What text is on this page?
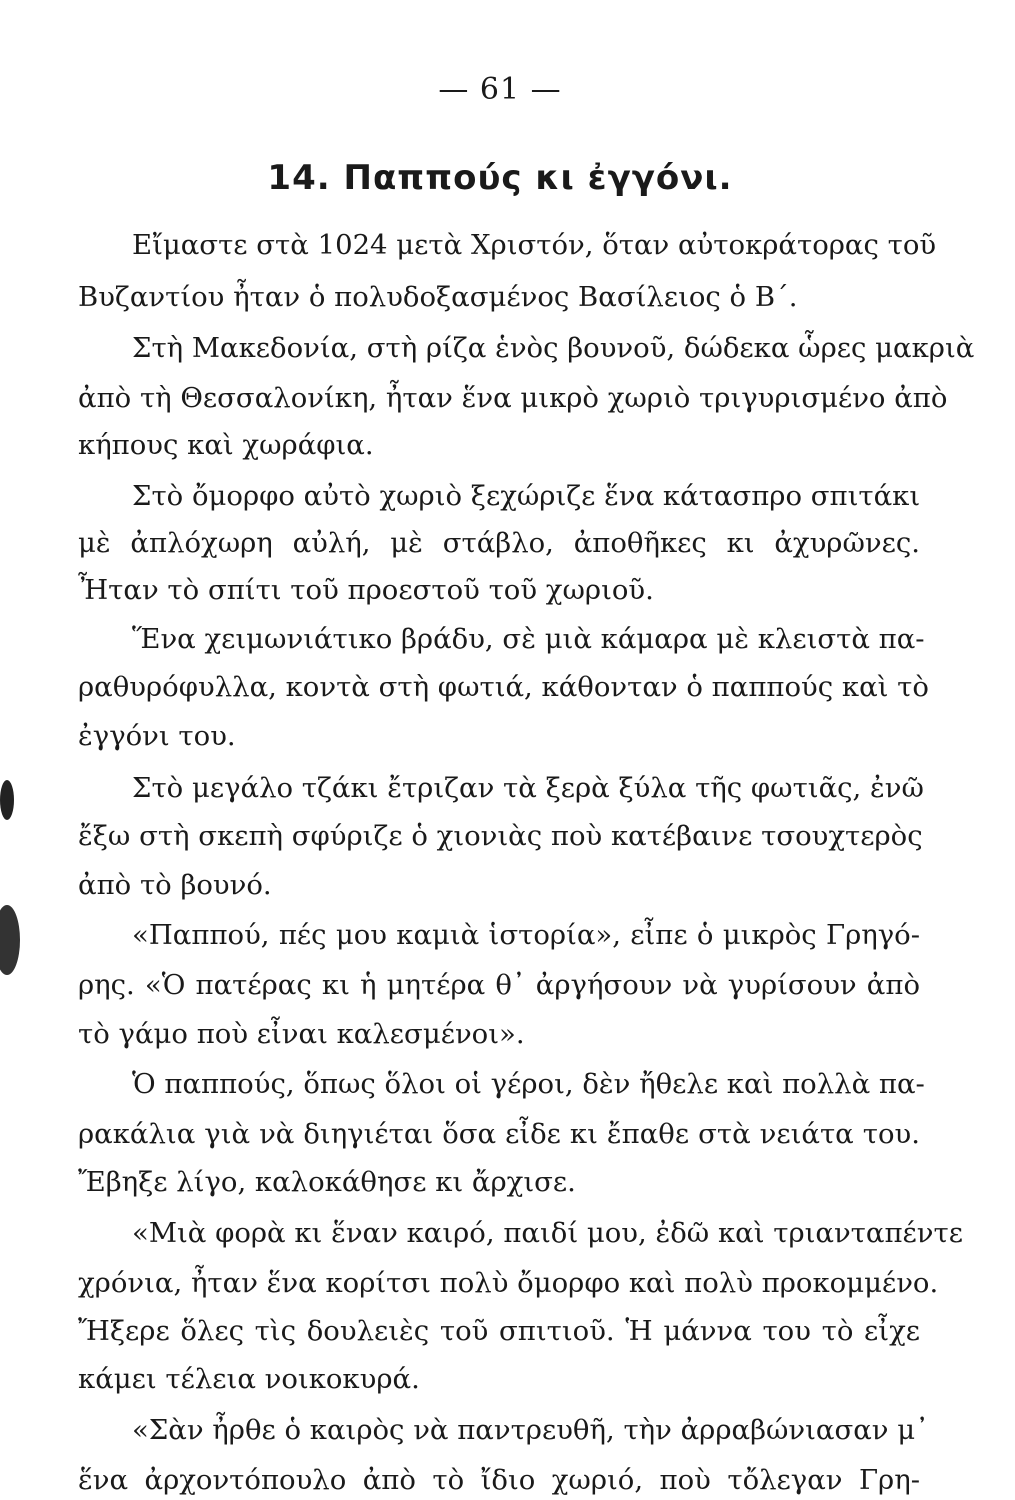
— 61 —
14. Παππούς κι ἐγγόνι.
Εἴμαστε στὰ 1024 μετὰ Χριστόν, ὅταν αὐτοκράτορας τοῦ
Βυζαντίου ἦταν ὁ πολυδοξασμένος Βασίλειος ὁ Β΄.
Στὴ Μακεδονία, στὴ ρίζα ἑνὸς βουνοῦ, δώδεκα ὧρες μακριὰ
ἀπὸ τὴ Θεσσαλονίκη, ἦταν ἕνα μικρὸ χωριὸ τριγυρισμένο ἀπὸ
κήπους καὶ χωράφια.
Στὸ ὄμορφο αὐτὸ χωριὸ ξεχώριζε ἕνα κάτασπρο σπιτάκι
μὲ ἀπλόχωρη αὐλή, μὲ στάβλο, ἀποθῆκες κι ἀχυρῶνες.
Ἦταν τὸ σπίτι τοῦ προεστοῦ τοῦ χωριοῦ.
Ἕνα χειμωνιάτικο βράδυ, σὲ μιὰ κάμαρα μὲ κλειστὰ πα-
ραθυρόφυλλα, κοντὰ στὴ φωτιά, κάθονταν ὁ παππούς καὶ τὸ
ἐγγόνι του.
Στὸ μεγάλο τζάκι ἔτριζαν τὰ ξερὰ ξύλα τῆς φωτιᾶς, ἐνῶ
ἔξω στὴ σκεπὴ σφύριζε ὁ χιονιὰς ποὺ κατέβαινε τσουχτερὸς
ἀπὸ τὸ βουνό.
«Παππού, πές μου καμιὰ ἱστορία», εἶπε ὁ μικρὸς Γρηγό-
ρης. «Ὁ πατέρας κι ἡ μητέρα θ᾽ ἀργήσουν νὰ γυρίσουν ἀπὸ
τὸ γάμο ποὺ εἶναι καλεσμένοι».
Ὁ παππούς, ὅπως ὅλοι οἱ γέροι, δὲν ἤθελε καὶ πολλὰ πα-
ρακάλια γιὰ νὰ διηγιέται ὅσα εἶδε κι ἔπαθε στὰ νειάτα του.
Ἔβηξε λίγο, καλοκάθησε κι ἄρχισε.
«Μιὰ φορὰ κι ἕναν καιρό, παιδί μου, ἐδῶ καὶ τριανταπέντε
χρόνια, ἦταν ἕνα κορίτσι πολὺ ὄμορφο καὶ πολὺ προκομμένο.
Ἤξερε ὅλες τὶς δουλειὲς τοῦ σπιτιοῦ. Ἡ μάννα του τὸ εἶχε
κάμει τέλεια νοικοκυρά.
«Σὰν ἦρθε ὁ καιρὸς νὰ παντρευθῆ, τὴν ἀρραβώνιασαν μ᾽
ἕνα ἀρχοντόπουλο ἀπὸ τὸ ἴδιο χωριό, ποὺ τὄλεγαν Γρη-
